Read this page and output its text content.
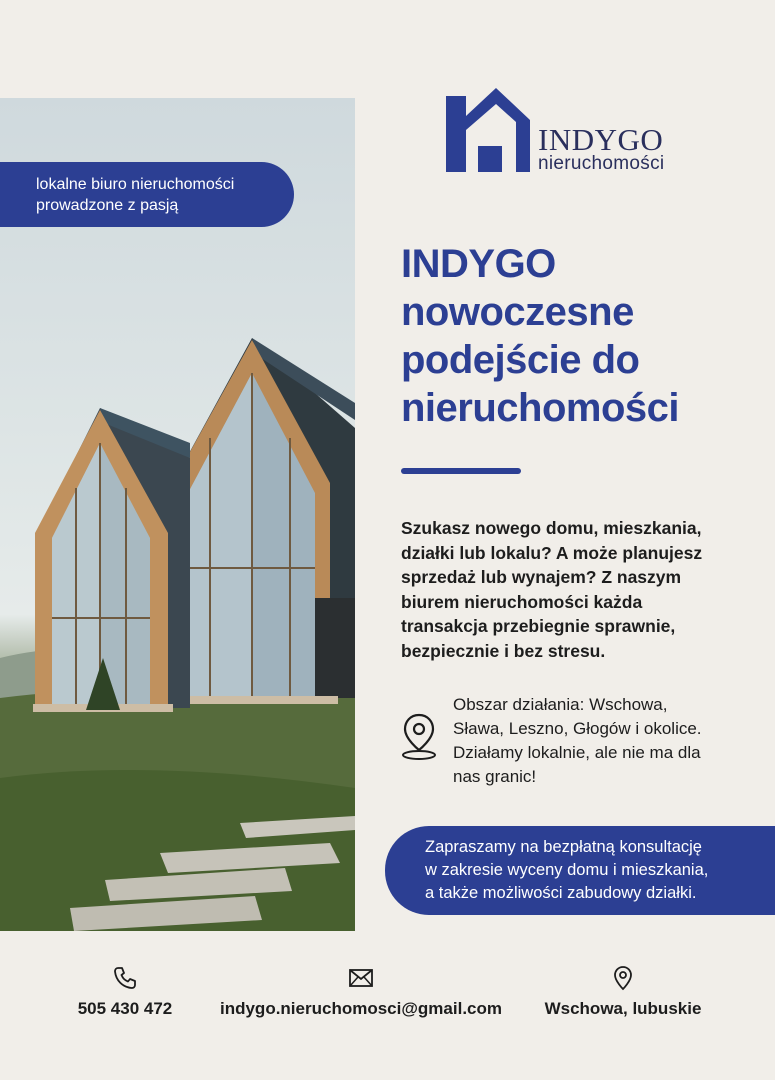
lokalne biuro nieruchomości
prowadzone z pasją
INDYGO
nieruchomości
INDYGO
nowoczesne
podejście do
nieruchomości
Szukasz nowego domu, mieszkania,
działki lub lokalu? A może planujesz
sprzedaż lub wynajem? Z naszym
biurem nieruchomości każda
transakcja przebiegnie sprawnie,
bezpiecznie i bez stresu.
Obszar działania: Wschowa,
Sława, Leszno, Głogów i okolice.
Działamy lokalnie, ale nie ma dla
nas granic!
Zapraszamy na bezpłatną konsultację
w zakresie wyceny domu i mieszkania,
a także możliwości zabudowy działki.
505 430 472	indygo.nieruchomosci@gmail.com	Wschowa, lubuskie
